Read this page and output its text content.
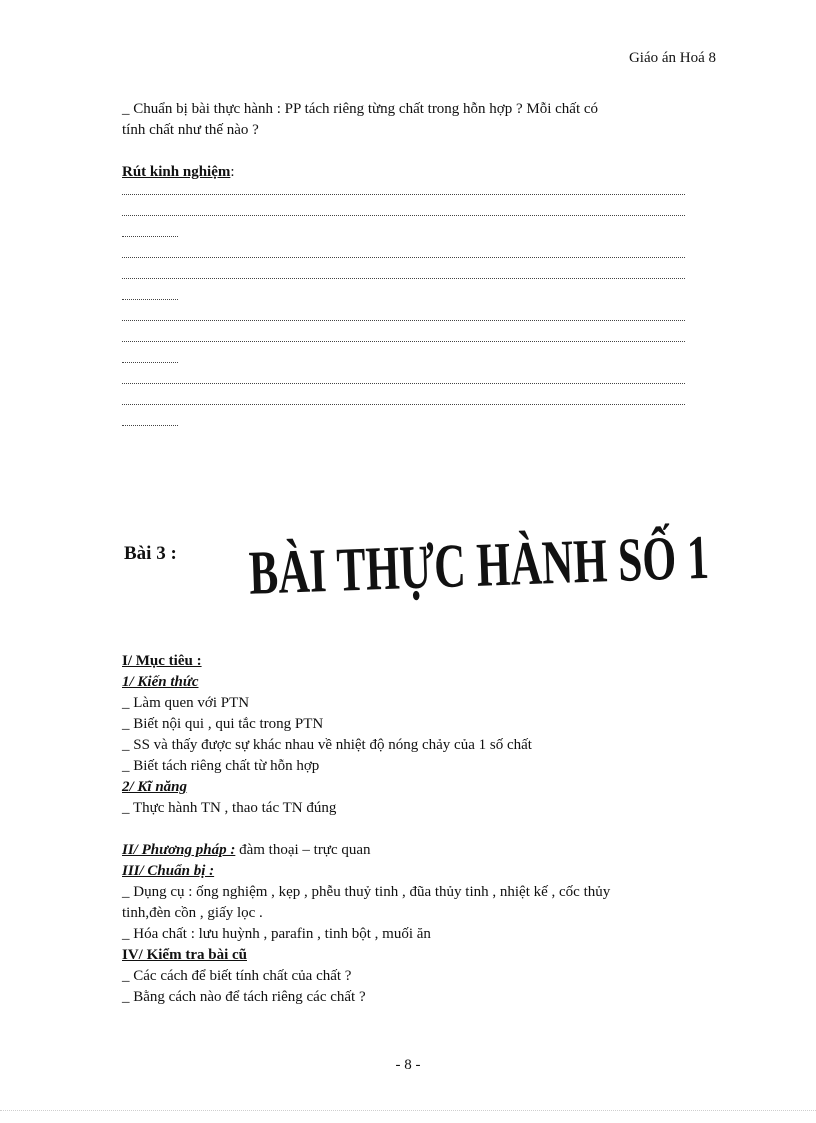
Giáo án Hoá 8
_ Chuẩn bị bài thực hành : PP tách riêng từng chất trong hỗn hợp ? Mỗi chất có
tính chất như thế nào ?
Rút kinh nghiệm:
Bài 3 : BÀI THỰC HÀNH SỐ 1
I/ Mục tiêu :
1/ Kiến thức
_ Làm quen với PTN
_ Biết nội qui , qui tắc trong PTN
_ SS và thấy được sự khác nhau về nhiệt độ nóng chảy của 1 số chất
_ Biết tách riêng chất từ hỗn hợp
2/ Kĩ năng
_ Thực hành TN , thao tác TN đúng
II/ Phương pháp : đàm thoại – trực quan
III/ Chuẩn bị :
_ Dụng cụ : ống nghiệm , kẹp , phễu thuỷ tinh , đũa thủy tinh , nhiệt kế , cốc thủy
tinh,đèn cồn , giấy lọc .
_ Hóa chất : lưu huỳnh , parafin , tinh bột , muối ăn
IV/ Kiểm tra bài cũ
_ Các cách để biết tính chất của chất ?
_ Bằng cách nào để tách riêng các chất ?
- 8 -
